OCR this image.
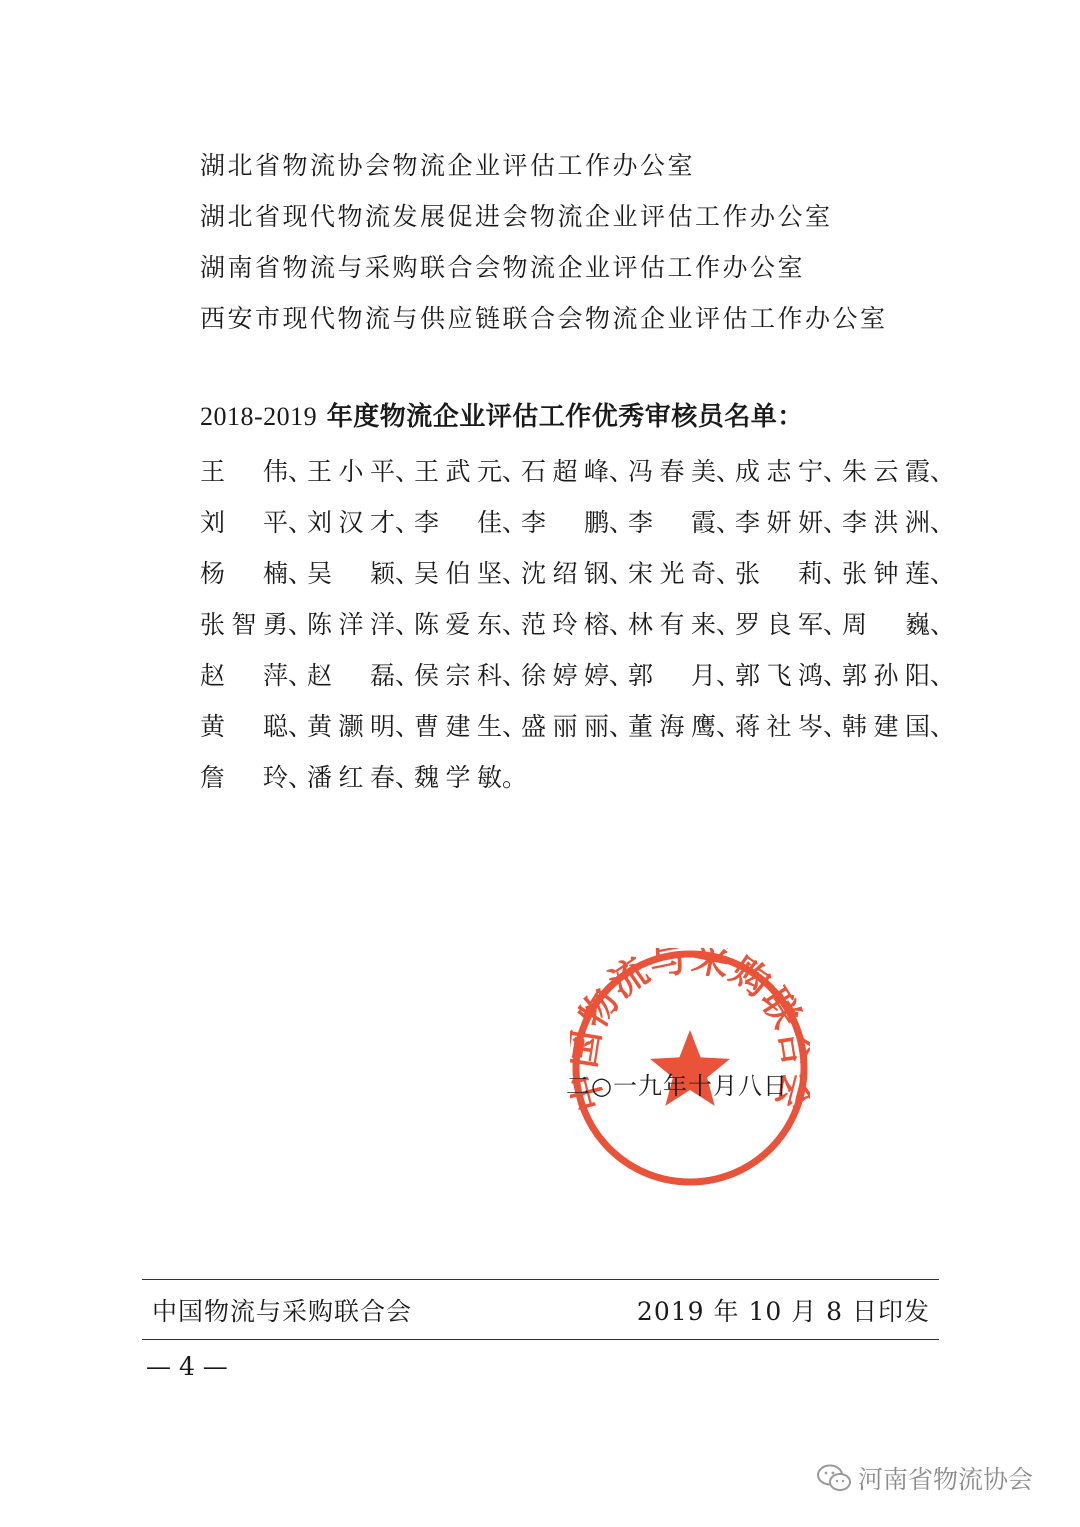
湖北省物流协会物流企业评估工作办公室
湖北省现代物流发展促进会物流企业评估工作办公室
湖南省物流与采购联合会物流企业评估工作办公室
西安市现代物流与供应链联合会物流企业评估工作办公室
2018-2019 年度物流企业评估工作优秀审核员名单：
王伟、
王小平、
王武元、
石超峰、
冯春美、
成志宁、
朱云霞、
刘平、
刘汉才、
李佳、
李鹏、
李霞、
李妍妍、
李洪洲、
杨楠、
吴颖、
吴伯坚、
沈绍钢、
宋光奇、
张莉、
张钟莲、
张智勇、
陈洋洋、
陈爱东、
范玲榕、
林有来、
罗良军、
周巍、
赵萍、
赵磊、
侯宗科、
徐婷婷、
郭月、
郭飞鸿、
郭孙阳、
黄聪、
黄灏明、
曹建生、
盛丽丽、
董海鹰、
蒋社岑、
韩建国、
詹玲、
潘红春、
魏学敏。
物流与采购联
二○一九年十月八日
中国物流与采购联合会	2019 年 10 月 8 日印发
— 4 —
河南省物流协会
